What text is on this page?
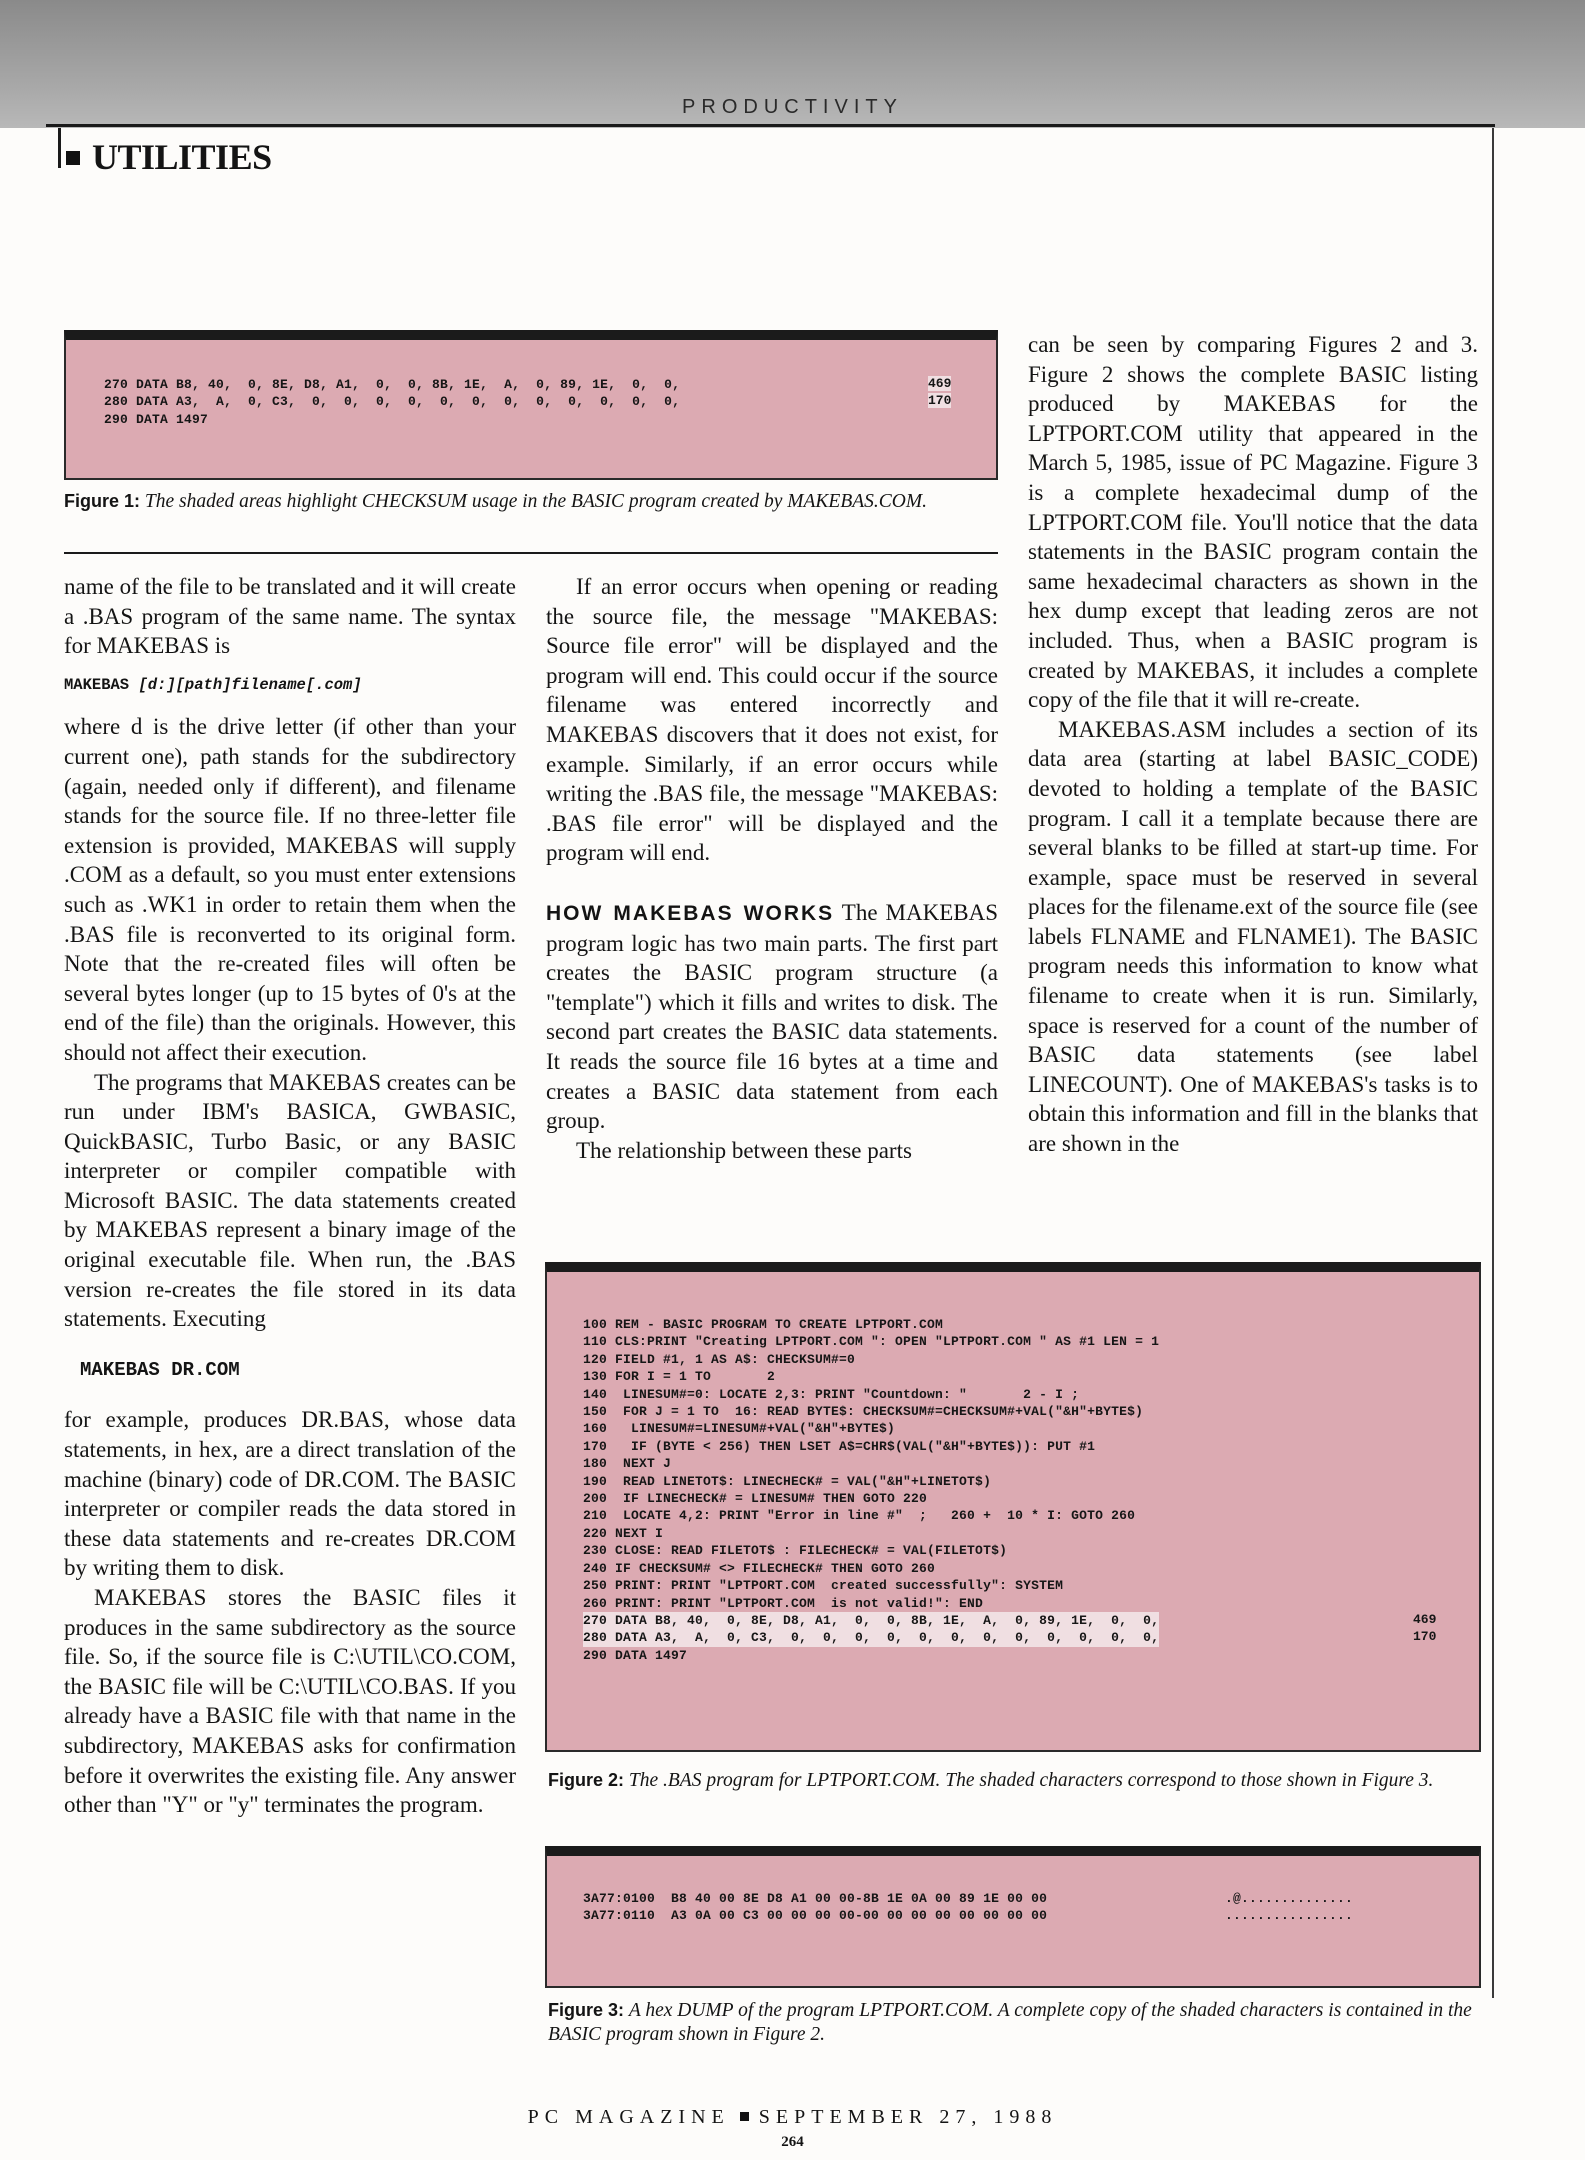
PRODUCTIVITY
UTILITIES
270 DATA B8, 40,  0, 8E, D8, A1,  0,  0, 8B, 1E,  A,  0, 89, 1E,  0,  0,
280 DATA A3,  A,  0, C3,  0,  0,  0,  0,  0,  0,  0,  0,  0,  0,  0,  0,
290 DATA 1497
469
170
Figure 1: The shaded areas highlight CHECKSUM usage in the BASIC program created by MAKEBAS.COM.

name of the file to be translated and it will create a .BAS program of the same name. The syntax for MAKEBAS is

MAKEBAS [d:][path]filename[.com]

where d is the drive letter (if other than your current one), path stands for the subdirectory (again, needed only if different), and filename stands for the source file. If no three-letter file extension is provided, MAKEBAS will supply .COM as a default, so you must enter extensions such as .WK1 in order to retain them when the .BAS file is reconverted to its original form. Note that the re-created files will often be several bytes longer (up to 15 bytes of 0's at the end of the file) than the originals. However, this should not affect their execution.

The programs that MAKEBAS creates can be run under IBM's BASICA, GWBASIC, QuickBASIC, Turbo Basic, or any BASIC interpreter or compiler compatible with Microsoft BASIC. The data statements created by MAKEBAS represent a binary image of the original executable file. When run, the .BAS version re-creates the file stored in its data statements. Executing

MAKEBAS DR.COM

for example, produces DR.BAS, whose data statements, in hex, are a direct translation of the machine (binary) code of DR.COM. The BASIC interpreter or compiler reads the data stored in these data statements and re-creates DR.COM by writing them to disk.

MAKEBAS stores the BASIC files it produces in the same subdirectory as the source file. So, if the source file is C:\UTIL\CO.COM, the BASIC file will be C:\UTIL\CO.BAS. If you already have a BASIC file with that name in the subdirectory, MAKEBAS asks for confirmation before it overwrites the existing file. Any answer other than "Y" or "y" terminates the program.

If an error occurs when opening or reading the source file, the message "MAKEBAS: Source file error" will be displayed and the program will end. This could occur if the source filename was entered incorrectly and MAKEBAS discovers that it does not exist, for example. Similarly, if an error occurs while writing the .BAS file, the message "MAKEBAS: .BAS file error" will be displayed and the program will end.

HOW MAKEBAS WORKS The MAKEBAS program logic has two main parts. The first part creates the BASIC program structure (a "template") which it fills and writes to disk. The second part creates the BASIC data statements. It reads the source file 16 bytes at a time and creates a BASIC data statement from each group.

The relationship between these parts

can be seen by comparing Figures 2 and 3. Figure 2 shows the complete BASIC listing produced by MAKEBAS for the LPTPORT.COM utility that appeared in the March 5, 1985, issue of PC Magazine. Figure 3 is a complete hexadecimal dump of the LPTPORT.COM file. You'll notice that the data statements in the BASIC program contain the same hexadecimal characters as shown in the hex dump except that leading zeros are not included. Thus, when a BASIC program is created by MAKEBAS, it includes a complete copy of the file that it will re-create.

MAKEBAS.ASM includes a section of its data area (starting at label BASIC_CODE) devoted to holding a template of the BASIC program. I call it a template because there are several blanks to be filled at start-up time. For example, space must be reserved in several places for the filename.ext of the source file (see labels FLNAME and FLNAME1). The BASIC program needs this information to know what filename to create when it is run. Similarly, space is reserved for a count of the number of BASIC data statements (see label LINECOUNT). One of MAKEBAS's tasks is to obtain this information and fill in the blanks that are shown in the

100 REM - BASIC PROGRAM TO CREATE LPTPORT.COM
110 CLS:PRINT "Creating LPTPORT.COM ": OPEN "LPTPORT.COM " AS #1 LEN = 1
120 FIELD #1, 1 AS A$: CHECKSUM#=0
130 FOR I = 1 TO       2
140  LINESUM#=0: LOCATE 2,3: PRINT "Countdown: "       2 - I ;
150  FOR J = 1 TO  16: READ BYTE$: CHECKSUM#=CHECKSUM#+VAL("&H"+BYTE$)
160   LINESUM#=LINESUM#+VAL("&H"+BYTE$)
170   IF (BYTE < 256) THEN LSET A$=CHR$(VAL("&H"+BYTE$)): PUT #1
180  NEXT J
190  READ LINETOT$: LINECHECK# = VAL("&H"+LINETOT$)
200  IF LINECHECK# = LINESUM# THEN GOTO 220
210  LOCATE 4,2: PRINT "Error in line #"  ;   260 +  10 * I: GOTO 260
220 NEXT I
230 CLOSE: READ FILETOT$ : FILECHECK# = VAL(FILETOT$)
240 IF CHECKSUM# <> FILECHECK# THEN GOTO 260
250 PRINT: PRINT "LPTPORT.COM  created successfully": SYSTEM
260 PRINT: PRINT "LPTPORT.COM  is not valid!": END
270 DATA B8, 40,  0, 8E, D8, A1,  0,  0, 8B, 1E,  A,  0, 89, 1E,  0,  0,
280 DATA A3,  A,  0, C3,  0,  0,  0,  0,  0,  0,  0,  0,  0,  0,  0,  0,
290 DATA 1497
469
170
Figure 2: The .BAS program for LPTPORT.COM. The shaded characters correspond to those shown in Figure 3.
3A77:0100  B8 40 00 8E D8 A1 00 00-8B 1E 0A 00 89 1E 00 00
3A77:0110  A3 0A 00 C3 00 00 00 00-00 00 00 00 00 00 00 00
.@..............
................
Figure 3: A hex DUMP of the program LPTPORT.COM. A complete copy of the shaded characters is contained in the BASIC program shown in Figure 2.
PC MAGAZINE SEPTEMBER 27, 1988
264
